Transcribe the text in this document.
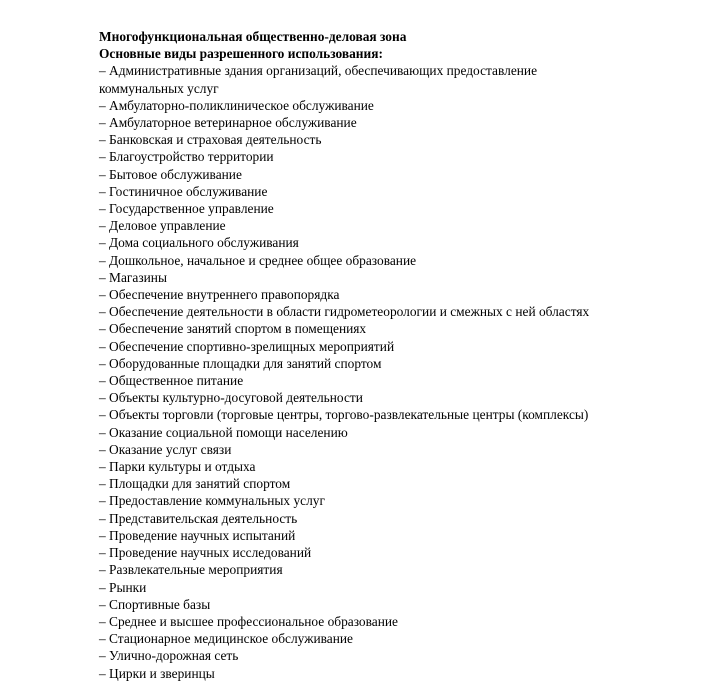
Многофункциональная общественно-деловая зона

Основные виды разрешенного использования:

– Административные здания организаций, обеспечивающих предоставление коммунальных услуг
– Амбулаторно-поликлиническое обслуживание
– Амбулаторное ветеринарное обслуживание
– Банковская и страховая деятельность
– Благоустройство территории
– Бытовое обслуживание
– Гостиничное обслуживание
– Государственное управление
– Деловое управление
– Дома социального обслуживания
– Дошкольное, начальное и среднее общее образование
– Магазины
– Обеспечение внутреннего правопорядка
– Обеспечение деятельности в области гидрометеорологии и смежных с ней областях
– Обеспечение занятий спортом в помещениях
– Обеспечение спортивно-зрелищных мероприятий
– Оборудованные площадки для занятий спортом
– Общественное питание
– Объекты культурно-досуговой деятельности
– Объекты торговли (торговые центры, торгово-развлекательные центры (комплексы)
– Оказание социальной помощи населению
– Оказание услуг связи
– Парки культуры и отдыха
– Площадки для занятий спортом
– Предоставление коммунальных услуг
– Представительская деятельность
– Проведение научных испытаний
– Проведение научных исследований
– Развлекательные мероприятия
– Рынки
– Спортивные базы
– Среднее и высшее профессиональное образование
– Стационарное медицинское обслуживание
– Улично-дорожная сеть
– Цирки и зверинцы
